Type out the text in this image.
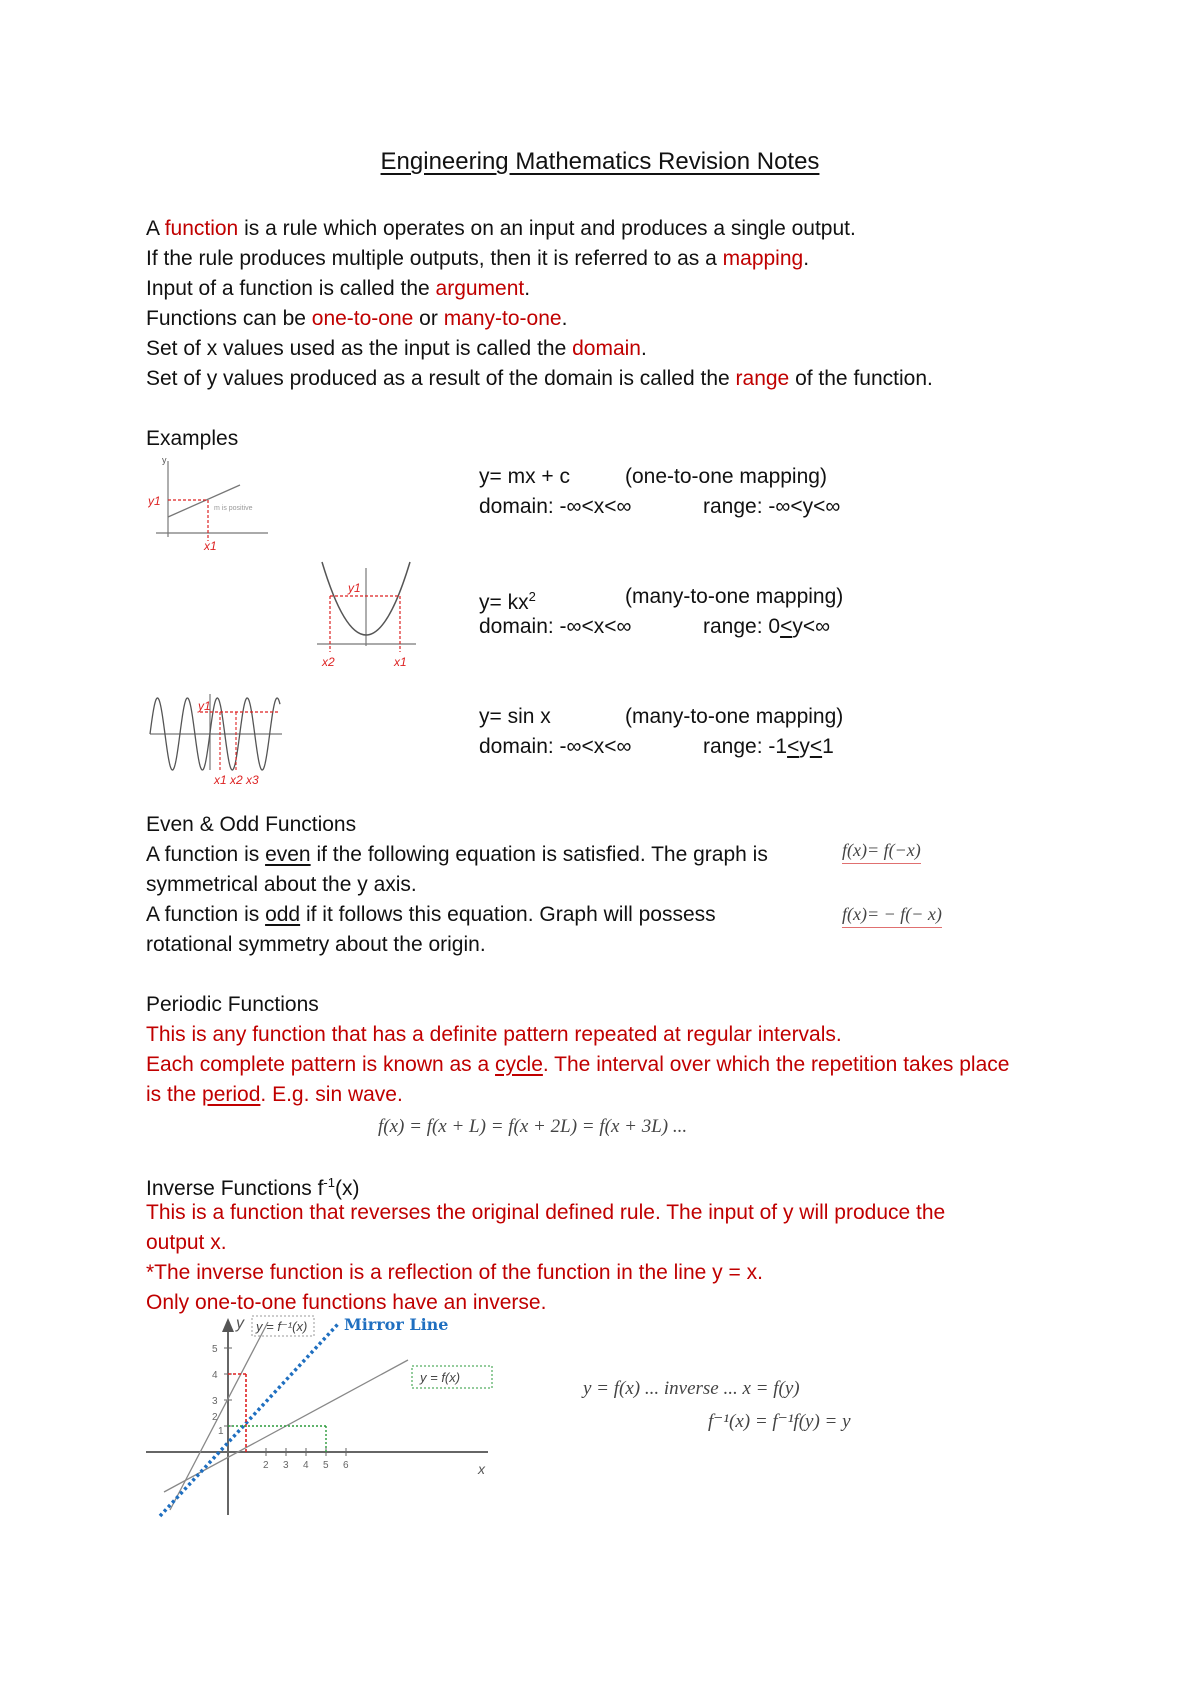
Engineering Mathematics Revision Notes
A function is a rule which operates on an input and produces a single output.
If the rule produces multiple outputs, then it is referred to as a mapping.
Input of a function is called the argument.
Functions can be one-to-one or many-to-one.
Set of x values used as the input is called the domain.
Set of y values produced as a result of the domain is called the range of the function.
Examples
y
y1
x1
m is positive
y= mx + c	(one-to-one mapping)
domain: -∞<x<∞	range: -∞<y<∞
y1
x2	x1
$y= kx^2$	(many-to-one mapping)
domain: -∞<x<∞	range: 0<y<∞
y1
x1 x2 x3
y= sin x	(many-to-one mapping)
domain: -∞<x<∞	range: -1<y<1
Even & Odd Functions
A function is even if the following equation is satisfied. The graph is
symmetrical about the y axis.
A function is odd if it follows this equation. Graph will possess
rotational symmetry about the origin.
f(x)= f(−x)
f(x)= − f(− x)
Periodic Functions
This is any function that has a definite pattern repeated at regular intervals.
Each complete pattern is known as a cycle. The interval over which the repetition takes place
is the period. E.g. sin wave.
f(x) = f(x + L) = f(x + 2L) = f(x + 3L) ...
Inverse Functions $f^{-1}(x)$
This is a function that reverses the original defined rule. The input of y will produce the
output x.
*The inverse function is a reflection of the function in the line y = x.
Only one-to-one functions have an inverse.
y
x
y = f⁻¹(x) Mirror Line
y = f(x)
5
4
3
2
1
2 3 4 5 6
y = f(x) ... inverse ... x = f(y)
f⁻¹(x) = f⁻¹f(y) = y
